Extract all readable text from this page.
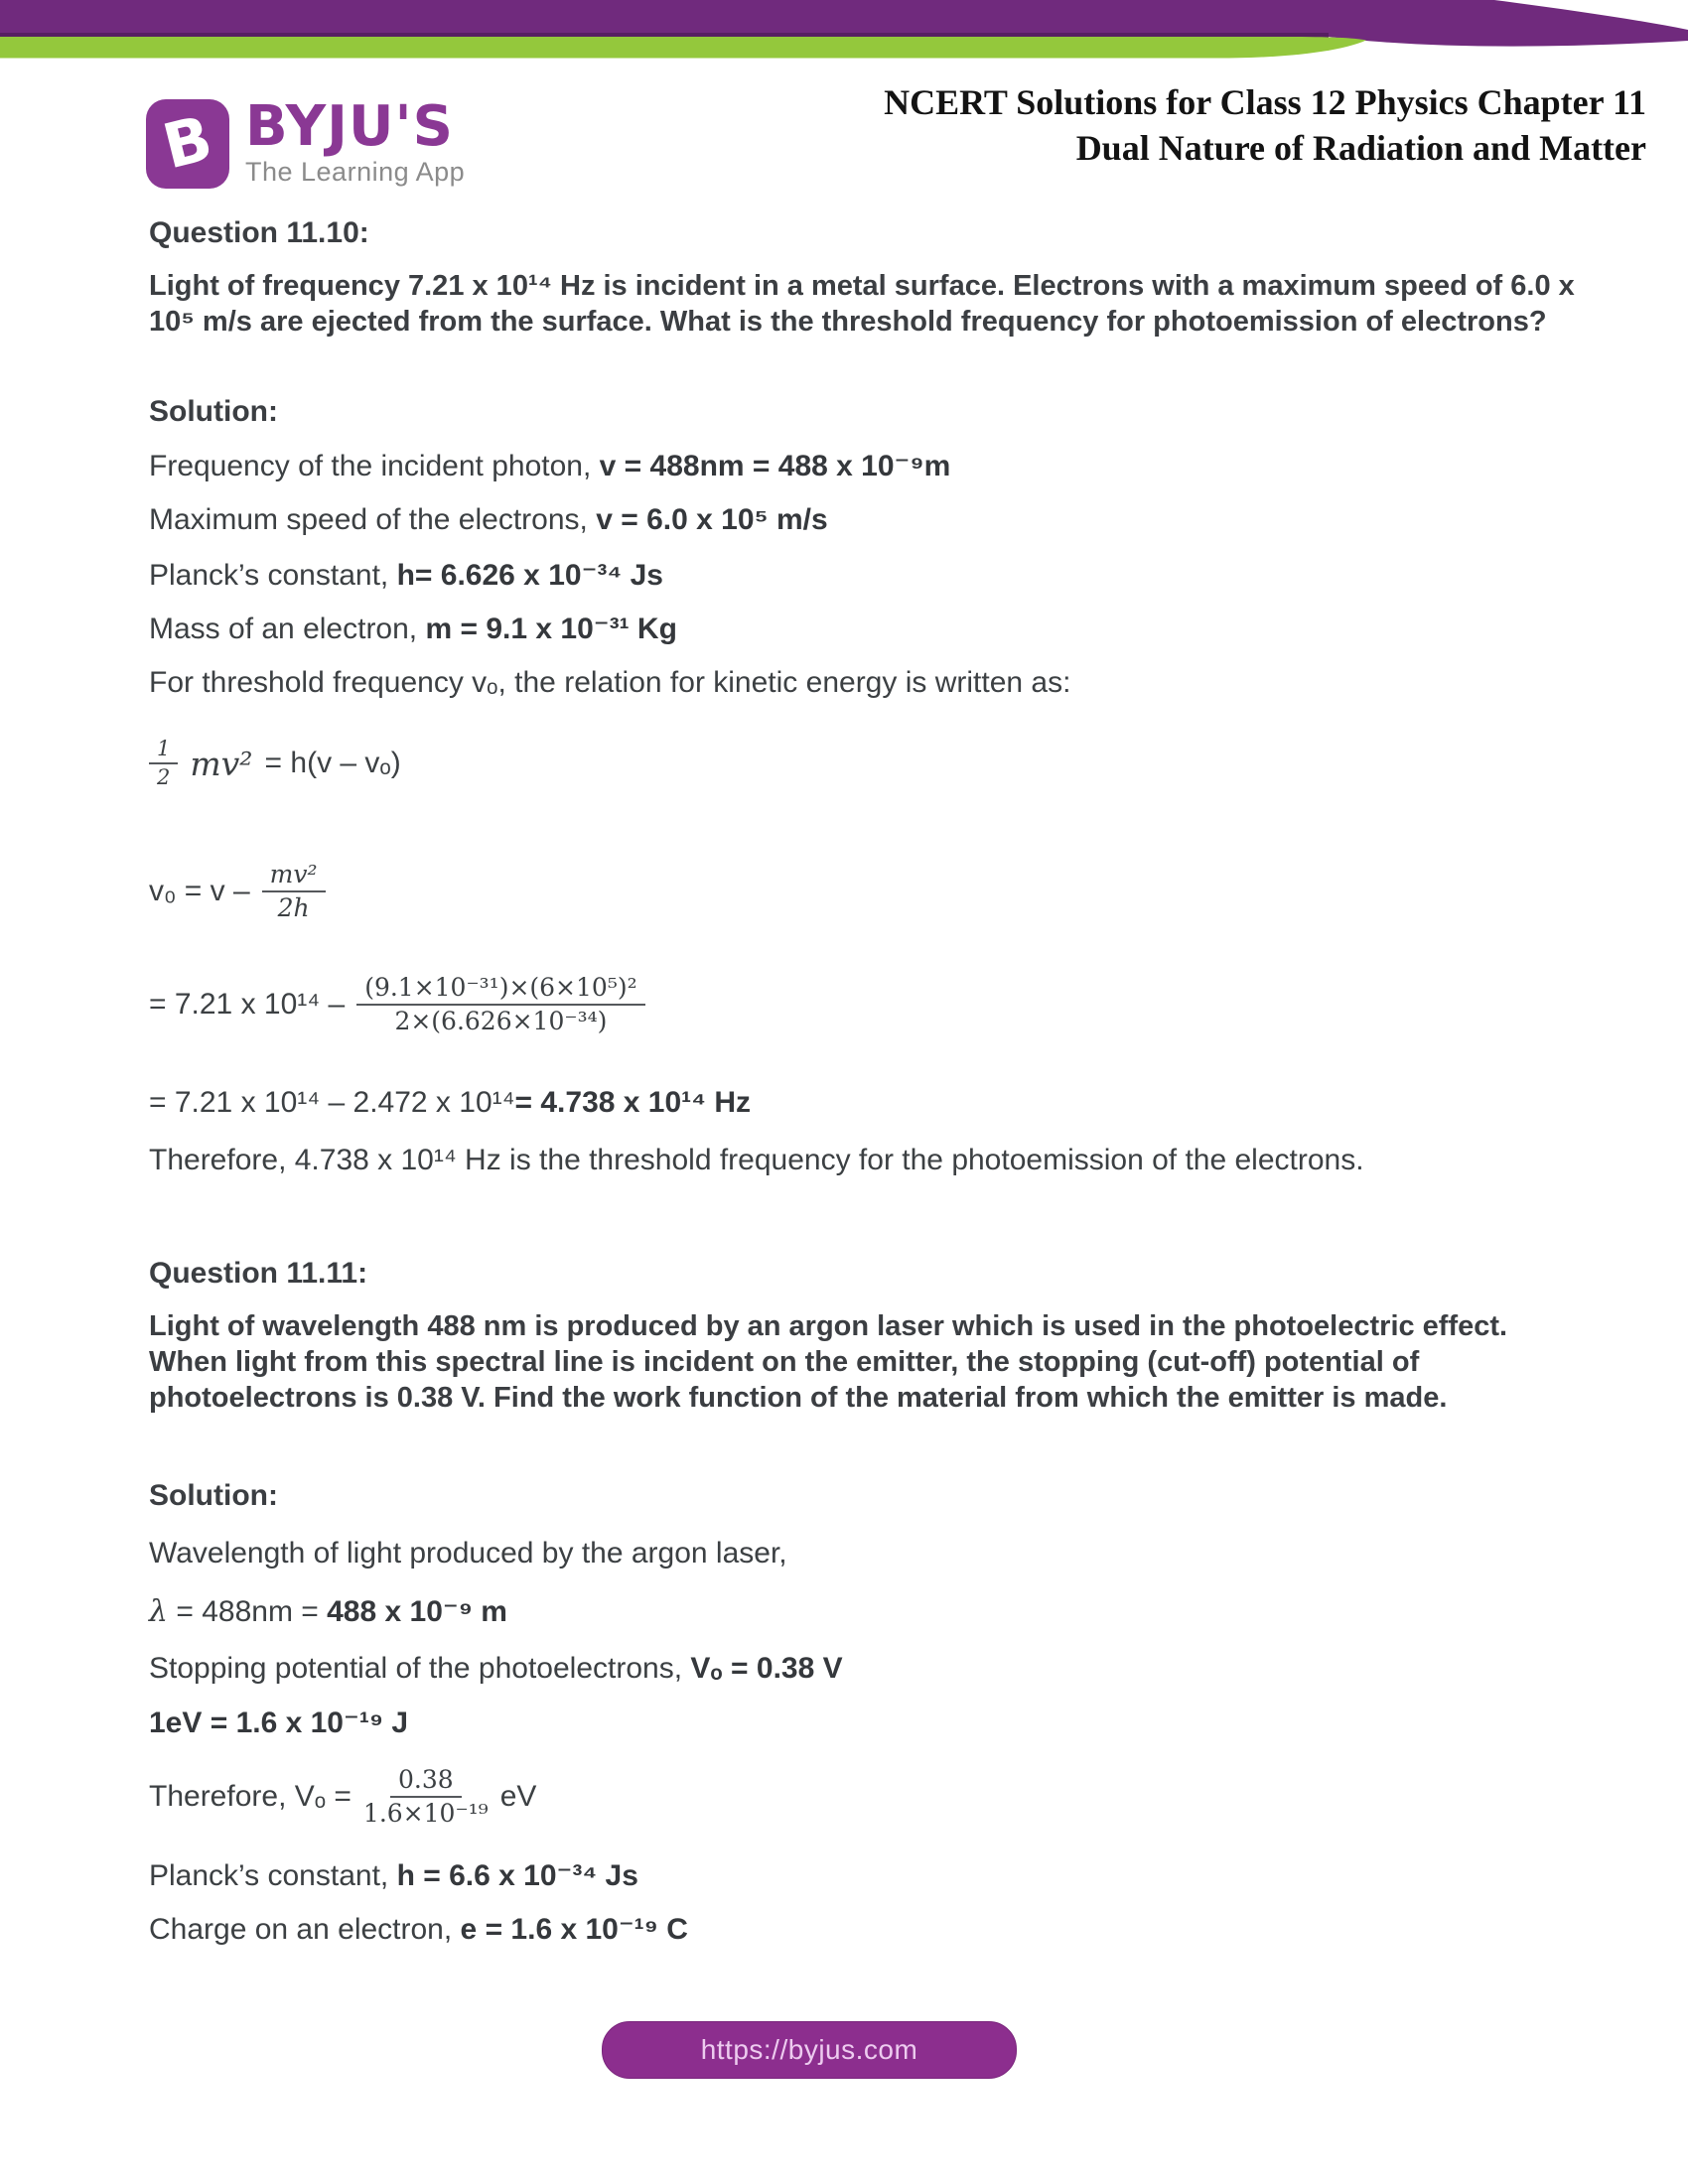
B BYJU'S
The Learning App
NCERT Solutions for Class 12 Physics Chapter 11
Dual Nature of Radiation and Matter
Question 11.10:
Light of frequency 7.21 x 10¹⁴ Hz is incident in a metal surface. Electrons with a maximum speed of 6.0 x 10⁵ m/s are ejected from the surface. What is the threshold frequency for photoemission of electrons?
Solution:
Frequency of the incident photon, v = 488nm = 488 x 10⁻⁹m
Maximum speed of the electrons, v = 6.0 x 10⁵ m/s
Planck’s constant, h= 6.626 x 10⁻³⁴ Js
Mass of an electron, m = 9.1 x 10⁻³¹ Kg
For threshold frequency vₒ, the relation for kinetic energy is written as:
$\frac{1}{2} mv^2 = h(v - v_o)$
$v_0 = v - \frac{\text{mv²}}{2h}$
= 7.21 x $10^{14} - \frac{\text{(9.1×10⁻³¹)×(6×10⁵)²}}{\text{2×(6.626×10⁻³⁴)}}$
= 7.21 x 10¹⁴ – 2.472 x 10¹⁴= 4.738 x 10¹⁴ Hz
Therefore, 4.738 x 10¹⁴ Hz is the threshold frequency for the photoemission of the electrons.
Question 11.11:
Light of wavelength 488 nm is produced by an argon laser which is used in the photoelectric effect. When light from this spectral line is incident on the emitter, the stopping (cut-off) potential of photoelectrons is 0.38 V. Find the work function of the material from which the emitter is made.
Solution:
Wavelength of light produced by the argon laser,
λ = 488nm = 488 x 10⁻⁹ m
Stopping potential of the photoelectrons, Vₒ = 0.38 V
1eV = 1.6 x 10⁻¹⁹ J
Therefore, $V_o = \frac{0.38}{\text{1.6×10⁻¹⁹}}$ eV
Planck’s constant, h = 6.6 x 10⁻³⁴ Js
Charge on an electron, e = 1.6 x 10⁻¹⁹ C
https://byjus.com
